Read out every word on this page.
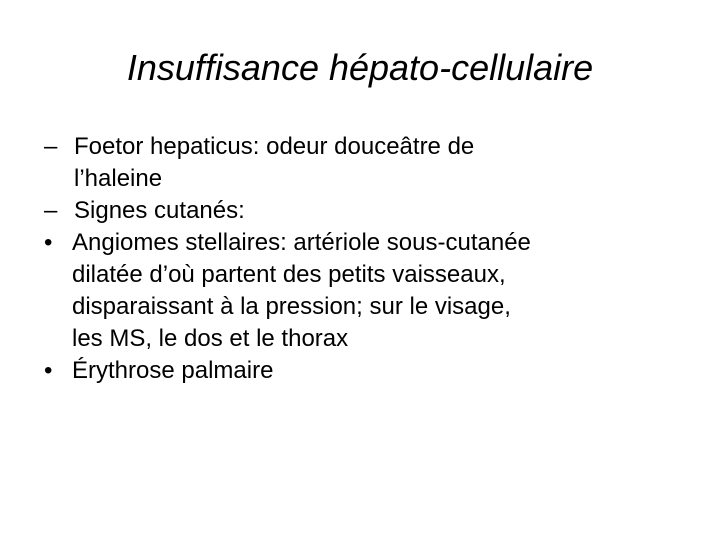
Insuffisance hépato-cellulaire
– Foetor hepaticus: odeur douceâtre de
l’haleine
– Signes cutanés:
• Angiomes stellaires: artériole sous-cutanée
dilatée d’où partent des petits vaisseaux,
disparaissant à la pression; sur le visage,
les MS, le dos et le thorax
• Érythrose palmaire
